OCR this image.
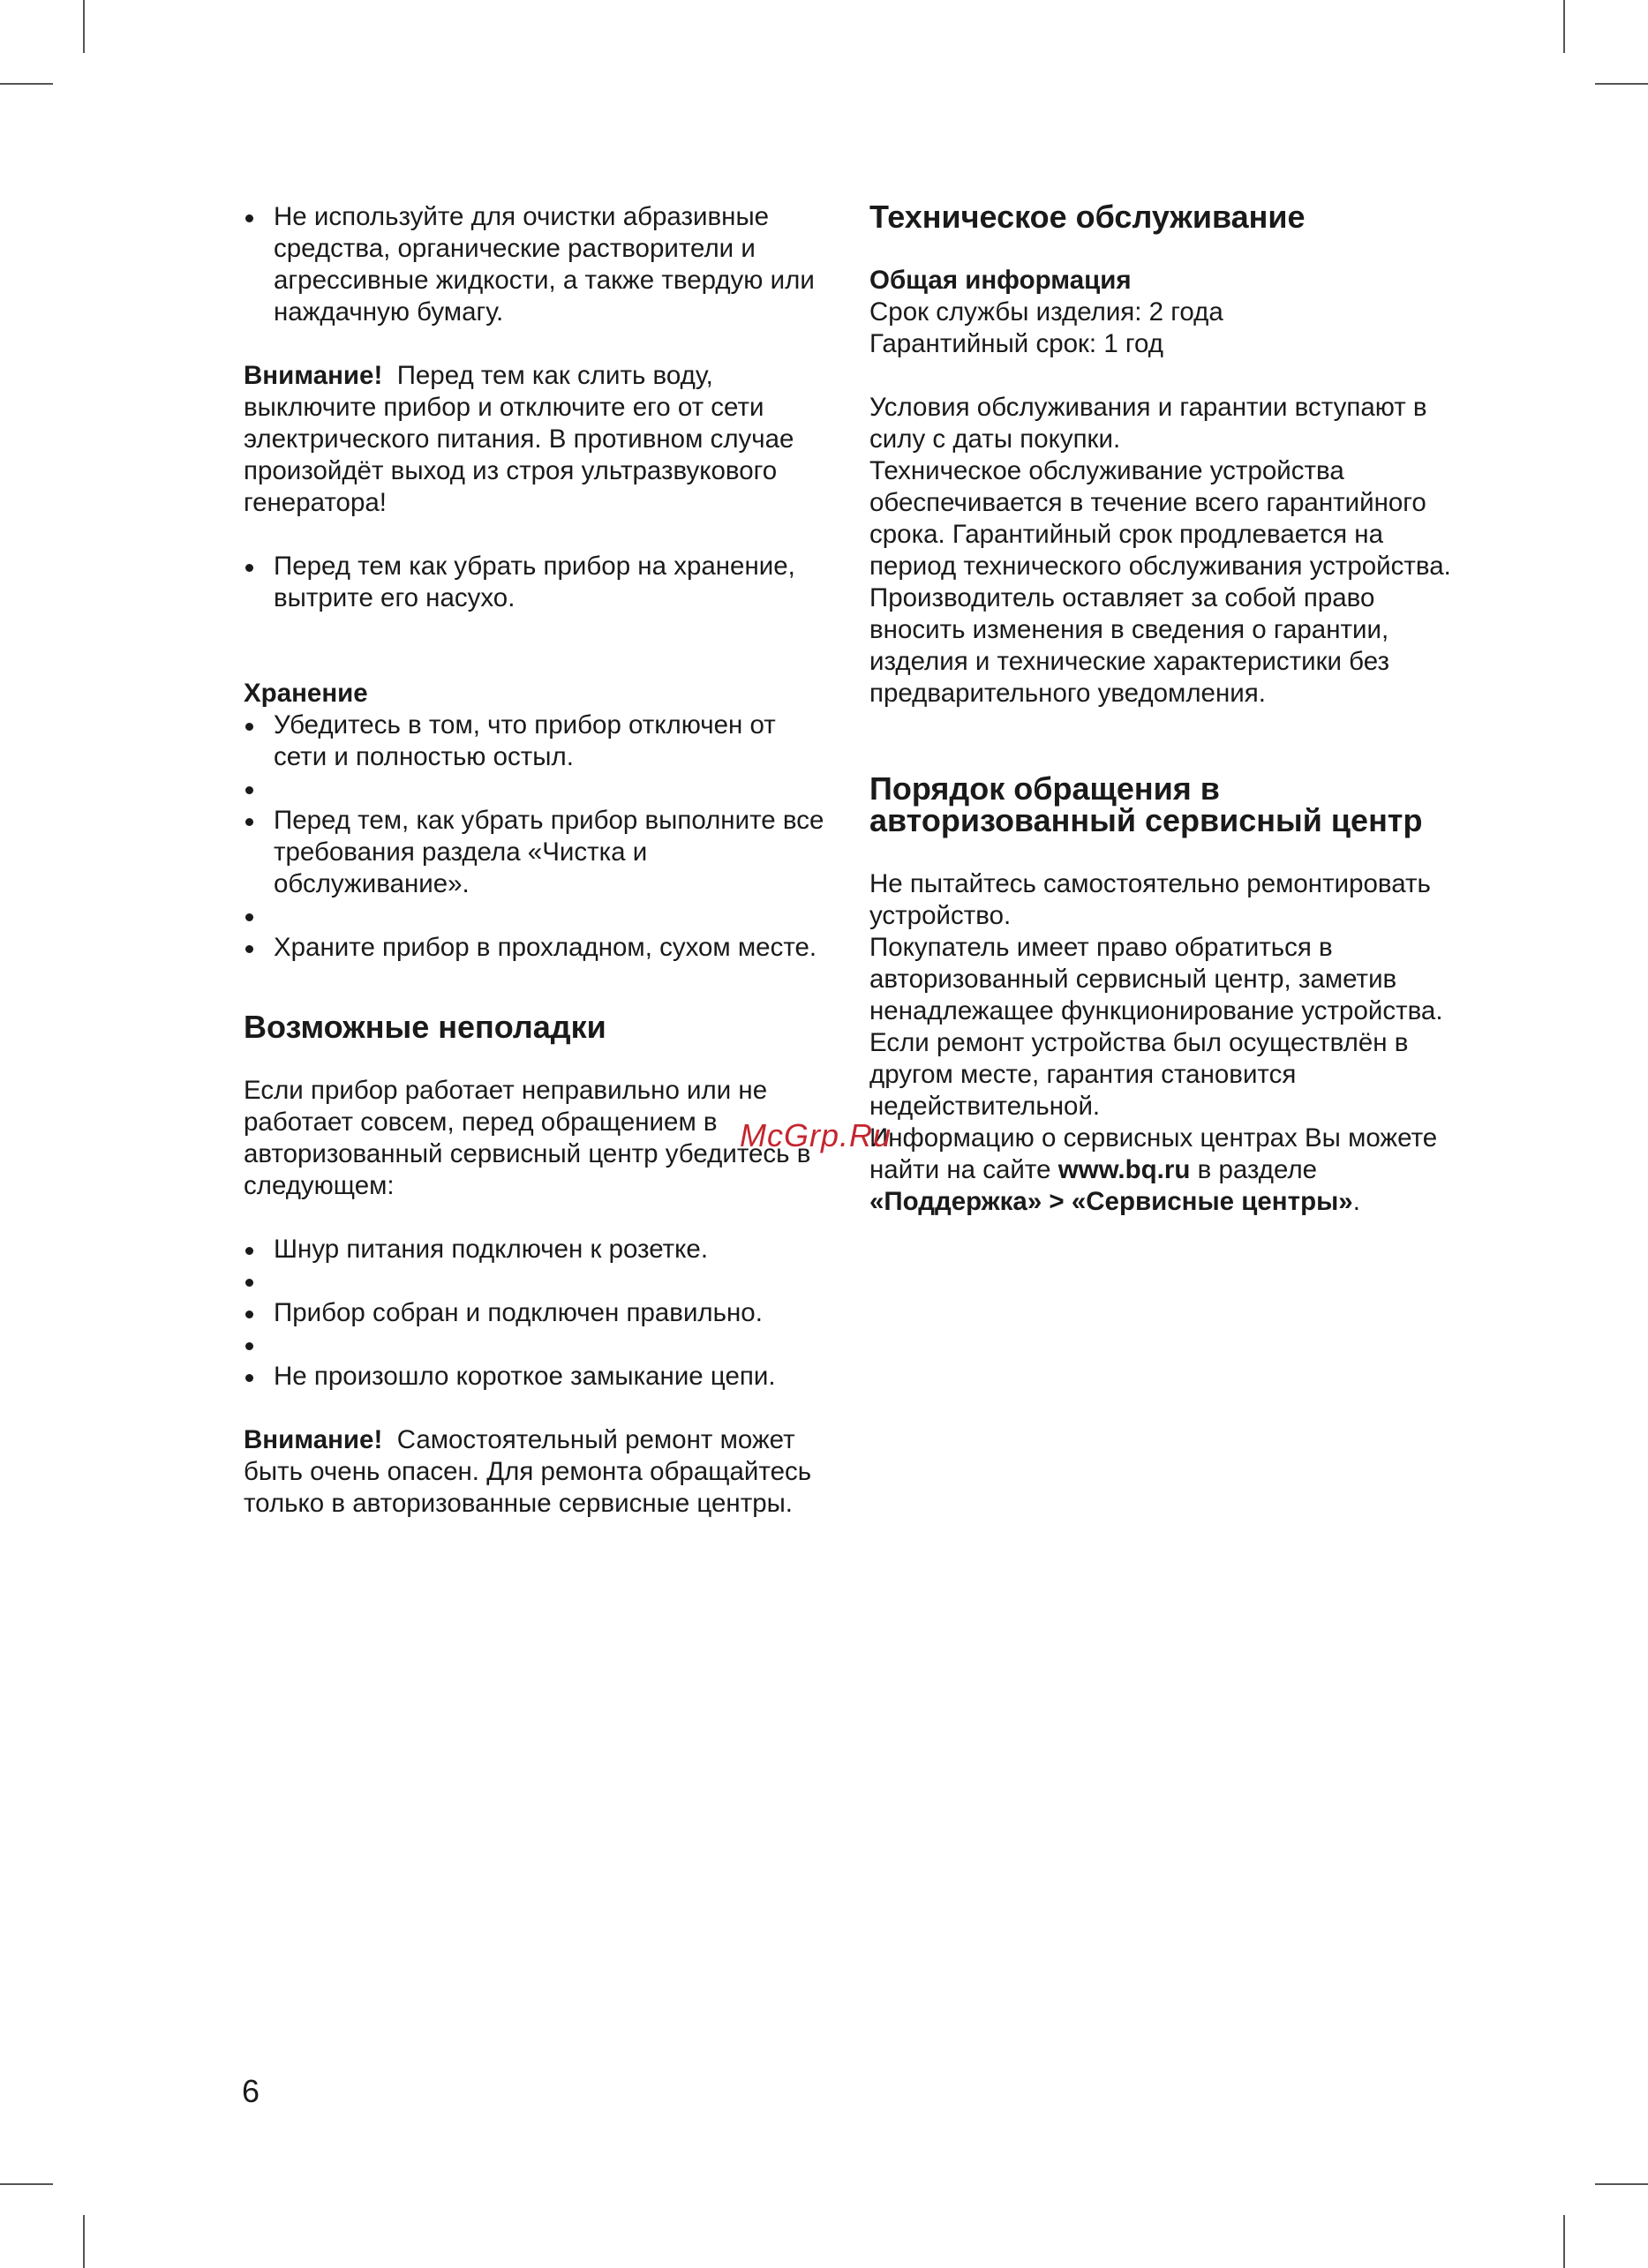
Не используйте для очистки абразивные средства, органические растворители и агрессивные жидкости, а также твердую или наждачную бумагу.

Внимание! Перед тем как слить воду, выключите прибор и отключите его от сети электрического питания. В противном случае произойдёт выход из строя ультразвукового генератора!

Перед тем как убрать прибор на хранение, вытрите его насухо.
Хранение
Убедитесь в том, что прибор отключен от сети и полностью остыл.
Перед тем, как убрать прибор выполните все требования раздела «Чистка и обслуживание».
Храните прибор в прохладном, сухом месте.
Возможные неполадки

Если прибор работает неправильно или не работает совсем, перед обращением в авторизованный сервисный центр убедитесь в следующем:

Шнур питания подключен к розетке.
Прибор собран и подключен правильно.
Не произошло короткое замыкание цепи.

Внимание! Самостоятельный ремонт может быть очень опасен. Для ремонта обращайтесь только в авторизованные сервисные центры.

Техническое обслуживание
Общая информация

Срок службы изделия: 2 года

Гарантийный срок: 1 год

Условия обслуживания и гарантии вступают в силу с даты покупки.

Техническое обслуживание устройства обеспечивается в течение всего гарантийного срока. Гарантийный срок продлевается на период технического обслуживания устройства.

Производитель оставляет за собой право вносить изменения в сведения о гарантии, изделия и технические характеристики без предварительного уведомления.

Порядок обращения в авторизованный сервисный центр

Не пытайтесь самостоятельно ремонтировать устройство.

Покупатель имеет право обратиться в авторизованный сервисный центр, заметив ненадлежащее функционирование устройства.

Если ремонт устройства был осуществлён в другом месте, гарантия становится недействительной.

Информацию о сервисных центрах Вы можете найти на сайте www.bq.ru в разделе «Поддержка» > «Сервисные центры».

McGrp.Ru
6
